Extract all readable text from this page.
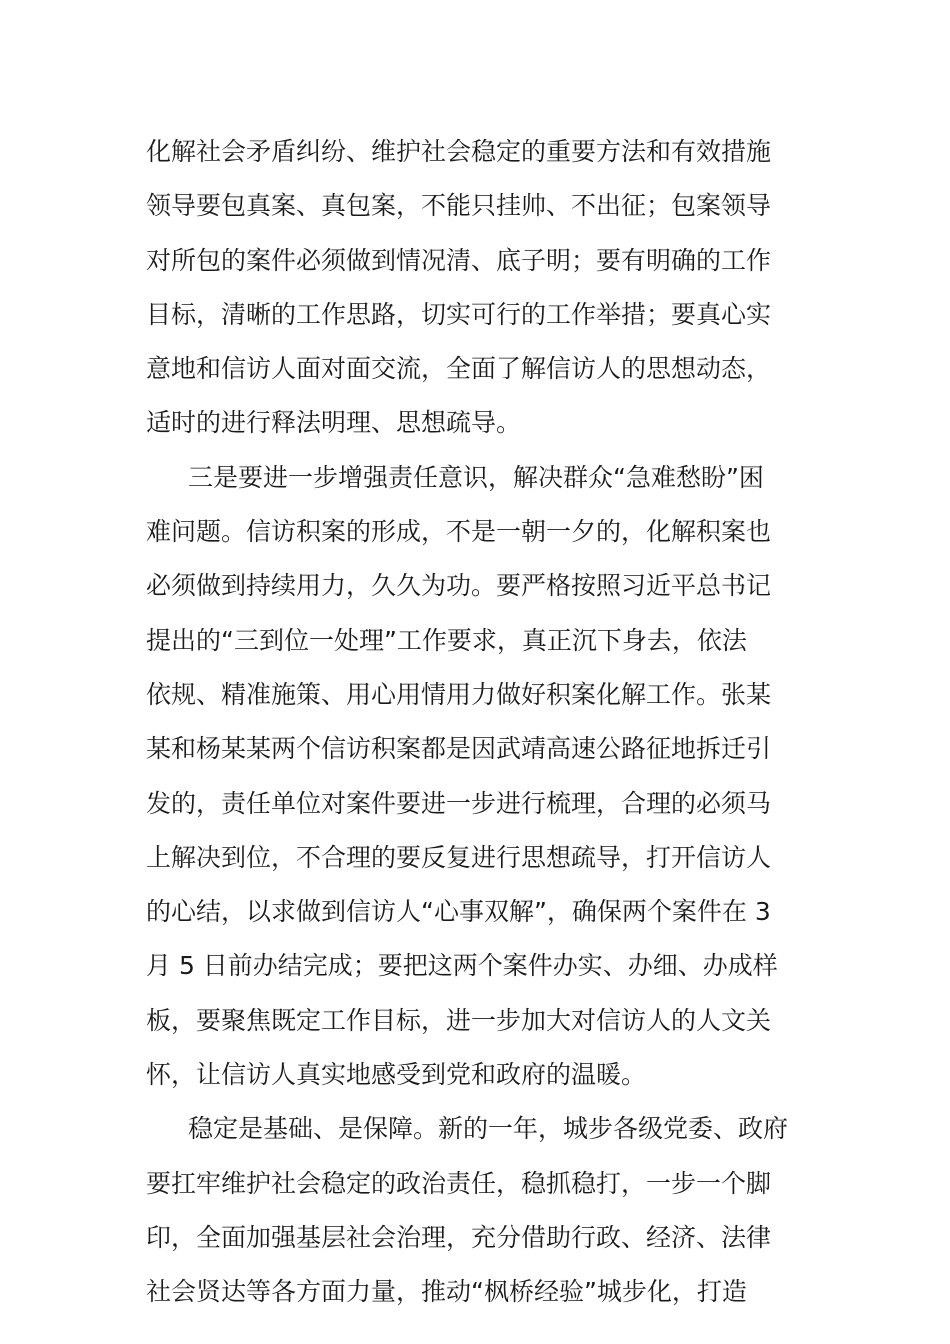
化解社会矛盾纠纷、维护社会稳定的重要方法和有效措施
领导要包真案、真包案，不能只挂帅、不出征；包案领导
对所包的案件必须做到情况清、底子明；要有明确的工作
目标，清晰的工作思路，切实可行的工作举措；要真心实
意地和信访人面对面交流，全面了解信访人的思想动态，
适时的进行释法明理、思想疏导。
三是要进一步增强责任意识，解决群众“急难愁盼”困
难问题。信访积案的形成，不是一朝一夕的，化解积案也
必须做到持续用力，久久为功。要严格按照习近平总书记
提出的“三到位一处理”工作要求，真正沉下身去，依法
依规、精准施策、用心用情用力做好积案化解工作。张某
某和杨某某两个信访积案都是因武靖高速公路征地拆迁引
发的，责任单位对案件要进一步进行梳理，合理的必须马
上解决到位，不合理的要反复进行思想疏导，打开信访人
的心结，以求做到信访人“心事双解”，确保两个案件在 3
月 5 日前办结完成；要把这两个案件办实、办细、办成样
板，要聚焦既定工作目标，进一步加大对信访人的人文关
怀，让信访人真实地感受到党和政府的温暖。
稳定是基础、是保障。新的一年，城步各级党委、政府
要扛牢维护社会稳定的政治责任，稳抓稳打，一步一个脚
印，全面加强基层社会治理，充分借助行政、经济、法律
社会贤达等各方面力量，推动“枫桥经验”城步化，打造
